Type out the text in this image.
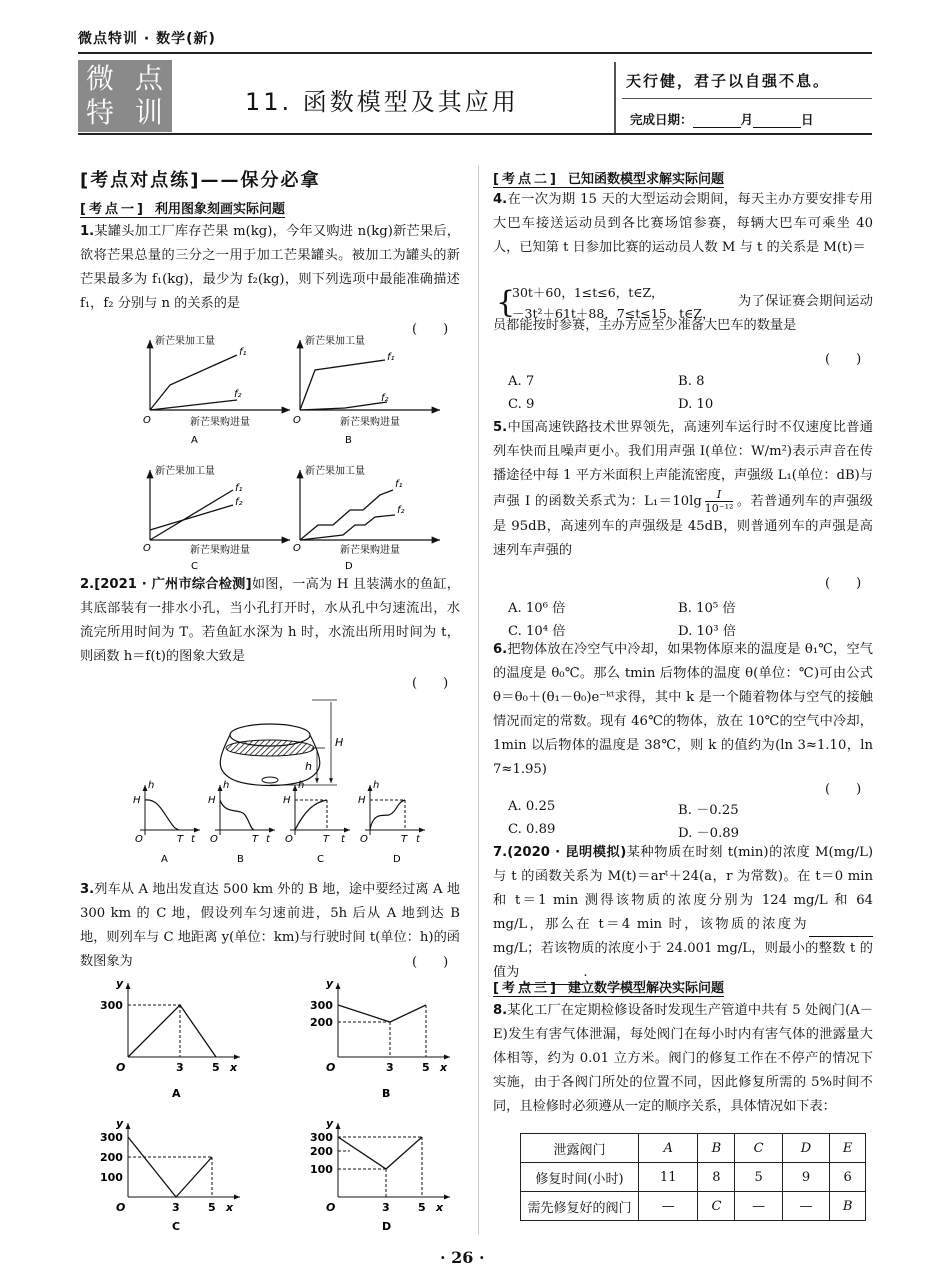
微点特训 · 数学(新)
微 点
特 训	11. 函数模型及其应用
天行健，君子以自强不息。
完成日期：	月	日
[考点对点练]——保分必拿
[考点一] 利用图象刻画实际问题
1.某罐头加工厂库存芒果 m(kg)，今年又购进 n(kg)新芒果后，欲将芒果总量的三分之一用于加工芒果罐头。被加工为罐头的新芒果最多为 f₁(kg)，最少为 f₂(kg)，则下列选项中最能准确描述 f₁，f₂ 分别与 n 的关系的是
(　　)
新芒果加工量
新芒果购进量
O
f₁
f₂
A
新芒果加工量
新芒果购进量
O
f₁
f₂
B
新芒果加工量
新芒果购进量
O
f₁
f₂
C
新芒果加工量
新芒果购进量
O
f₁
f₂
D
2.[2021 · 广州市综合检测]如图，一高为 H 且装满水的鱼缸，其底部装有一排水小孔，当小孔打开时，水从孔中匀速流出，水流完所用时间为 T。若鱼缸水深为 h 时，水流出所用时间为 t，则函数 h＝f(t)的图象大致是
(　　)
H
h
H
h
O	T t
A
H
h
O	T t
B
H
h
O	T t
C
H
h
O	T t
D
3.列车从 A 地出发直达 500 km 外的 B 地，途中要经过离 A 地 300 km 的 C 地，假设列车匀速前进，5h 后从 A 地到达 B 地，则列车与 C 地距离 y(单位：km)与行驶时间 t(单位：h)的函数图象为	(　　)
y
300
O	3	5 x
A
y
300
200
O	3	5 x
B
y
300
200
100
O	3	5 x
C
y
300
200
100
O	3	5 x
D
[考点二] 已知函数模型求解实际问题
4.在一次为期 15 天的大型运动会期间，每天主办方要安排专用大巴车接送运动员到各比赛场馆参赛，每辆大巴车可乘坐 40 人，已知第 t 日参加比赛的运动员人数 M 与 t 的关系是 M(t)＝
{
30t＋60，1≤t≤6，t∈Z，
－3t²＋61t＋88，7≤t≤15，t∈Z，
为了保证赛会期间运动员都能按时参赛，主办方应至少准备大巴车的数量是
(　　)
A. 7	B. 8
C. 9	D. 10
5.中国高速铁路技术世界领先，高速列车运行时不仅速度比普通列车快而且噪声更小。我们用声强 I(单位：W/m²)表示声音在传播途径中每 1 平方米面积上声能流密度，声强级 L₁(单位：dB)与声强 I 的函数关系式为：$L_1=10\lg \frac{I}{\text{10⁻¹²}}$ 。若普通列车的声强级是 95dB，高速列车的声强级是 45dB，则普通列车的声强是高速列车声强的
(　　)
A. 10⁶ 倍	B. 10⁵ 倍
C. 10⁴ 倍	D. 10³ 倍
6.把物体放在冷空气中冷却，如果物体原来的温度是 θ₁℃，空气的温度是 θ₀℃。那么 tmin 后物体的温度 θ(单位：℃)可由公式 θ＝θ₀＋(θ₁－θ₀)e⁻ᵏᵗ求得，其中 k 是一个随着物体与空气的接触情况而定的常数。现有 46℃的物体，放在 10℃的空气中冷却，1min 以后物体的温度是 38℃，则 k 的值约为(ln 3≈1.10，ln 7≈1.95)
(　　)
A. 0.25	B. －0.25
C. 0.89	D. －0.89
7.(2020 · 昆明模拟)某种物质在时刻 t(min)的浓度 M(mg/L)与 t 的函数关系为 M(t)＝arᵗ＋24(a，r 为常数)。在 t＝0 min 和 t＝1 min 测得该物质的浓度分别为 124 mg/L 和 64 mg/L，那么在 t＝4 min 时，该物质的浓度为mg/L；若该物质的浓度小于 24.001 mg/L，则最小的整数 t 的值为	.
[考点三] 建立数学模型解决实际问题
8.某化工厂在定期检修设备时发现生产管道中共有 5 处阀门(A－E)发生有害气体泄漏，每处阀门在每小时内有害气体的泄露量大体相等，约为 0.01 立方米。阀门的修复工作在不停产的情况下实施，由于各阀门所处的位置不同，因此修复所需的 5%时间不同，且检修时必须遵从一定的顺序关系，具体情况如下表：
泄露阀门	A	B	C	D	E
修复时间(小时)	11	8	5	9	6
需先修复好的阀门	—	C	—	—	B
· 26 ·
